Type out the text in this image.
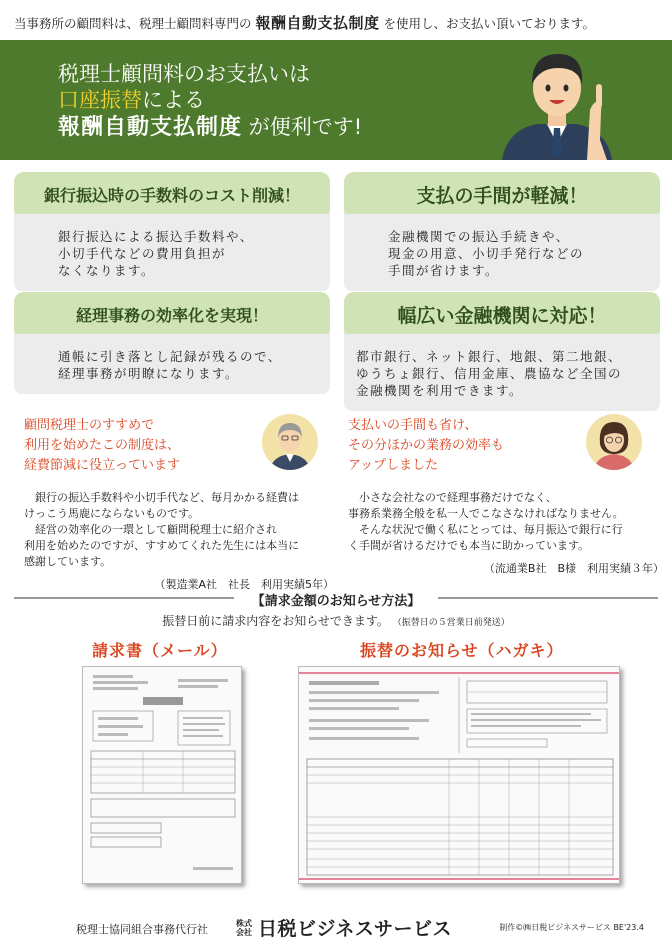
当事務所の顧問料は、税理士顧問料専門の 報酬自動支払制度 を使用し、お支払い頂いております。
税理士顧問料のお支払いは
口座振替による
報酬自動支払制度 が便利です!
銀行振込時の手数料のコスト削減！
銀行振込による振込手数料や、
小切手代などの費用負担が
なくなります。
支払の手間が軽減！
金融機関での振込手続きや、
現金の用意、小切手発行などの
手間が省けます。
経理事務の効率化を実現！
通帳に引き落とし記録が残るので、
経理事務が明瞭になります。
幅広い金融機関に対応！
都市銀行、ネット銀行、地銀、第二地銀、
ゆうちょ銀行、信用金庫、農協など全国の
金融機関を利用できます。
顧問税理士のすすめで
利用を始めたこの制度は、
経費節減に役立っています
　銀行の振込手数料や小切手代など、毎月かかる経費は
けっこう馬鹿にならないものです。
　経営の効率化の一環として顧問税理士に紹介され
利用を始めたのですが、すすめてくれた先生には本当に
感謝しています。
（製造業A社　社長　利用実績5年）
支払いの手間も省け、
その分ほかの業務の効率も
アップしました
　小さな会社なので経理事務だけでなく、
事務系業務全般を私一人でこなさなければなりません。
　そんな状況で働く私にとっては、毎月振込で銀行に行
く手間が省けるだけでも本当に助かっています。
（流通業B社　B様　利用実績３年）
【請求金額のお知らせ方法】
振替日前に請求内容をお知らせできます。 （振替日の５営業日前発送）
請求書（メール）	振替のお知らせ（ハガキ）
税理士協同組合事務代行社	株式
会社 日税ビジネスサービス	制作©㈱日税ビジネスサービス BE'23.4
